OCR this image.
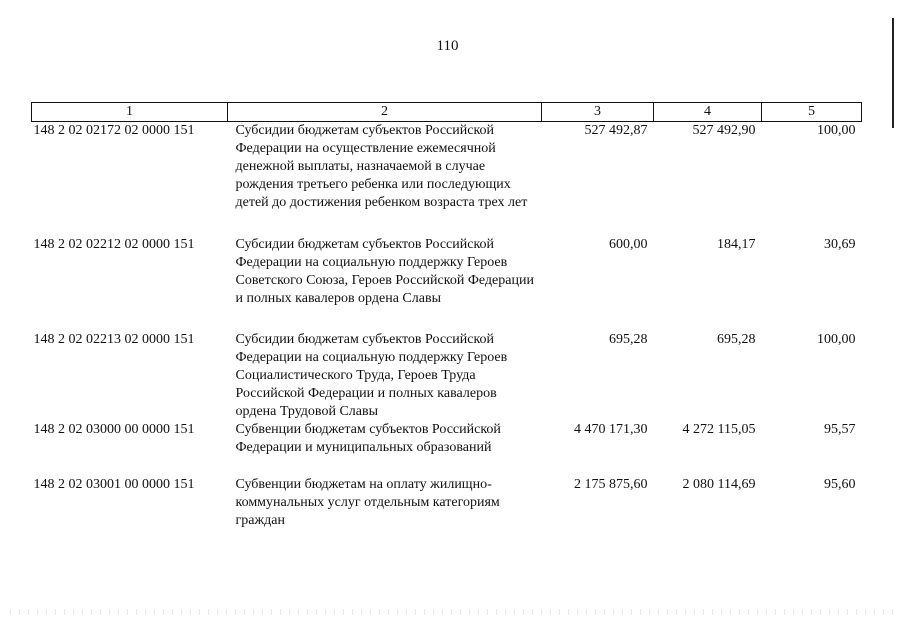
110
1	2	3	4	5
148 2 02 02172 02 0000 151	Субсидии бюджетам субъектов Российской Федерации на осуществление ежемесячной денежной выплаты, назначаемой в случае рождения третьего ребенка или последующих детей до достижения ребенком возраста трех лет	527 492,87	527 492,90	100,00
148 2 02 02212 02 0000 151	Субсидии бюджетам субъектов Российской Федерации на социальную поддержку Героев Советского Союза, Героев Российской Федерации и полных кавалеров ордена Славы	600,00	184,17	30,69
148 2 02 02213 02 0000 151	Субсидии бюджетам субъектов Российской Федерации на социальную поддержку Героев Социалистического Труда, Героев Труда Российской Федерации и полных кавалеров ордена Трудовой Славы	695,28	695,28	100,00
148 2 02 03000 00 0000 151	Субвенции бюджетам субъектов Российской Федерации и муниципальных образований	4 470 171,30	4 272 115,05	95,57
148 2 02 03001 00 0000 151	Субвенции бюджетам на оплату жилищно-коммунальных услуг отдельным категориям граждан	2 175 875,60	2 080 114,69	95,60
